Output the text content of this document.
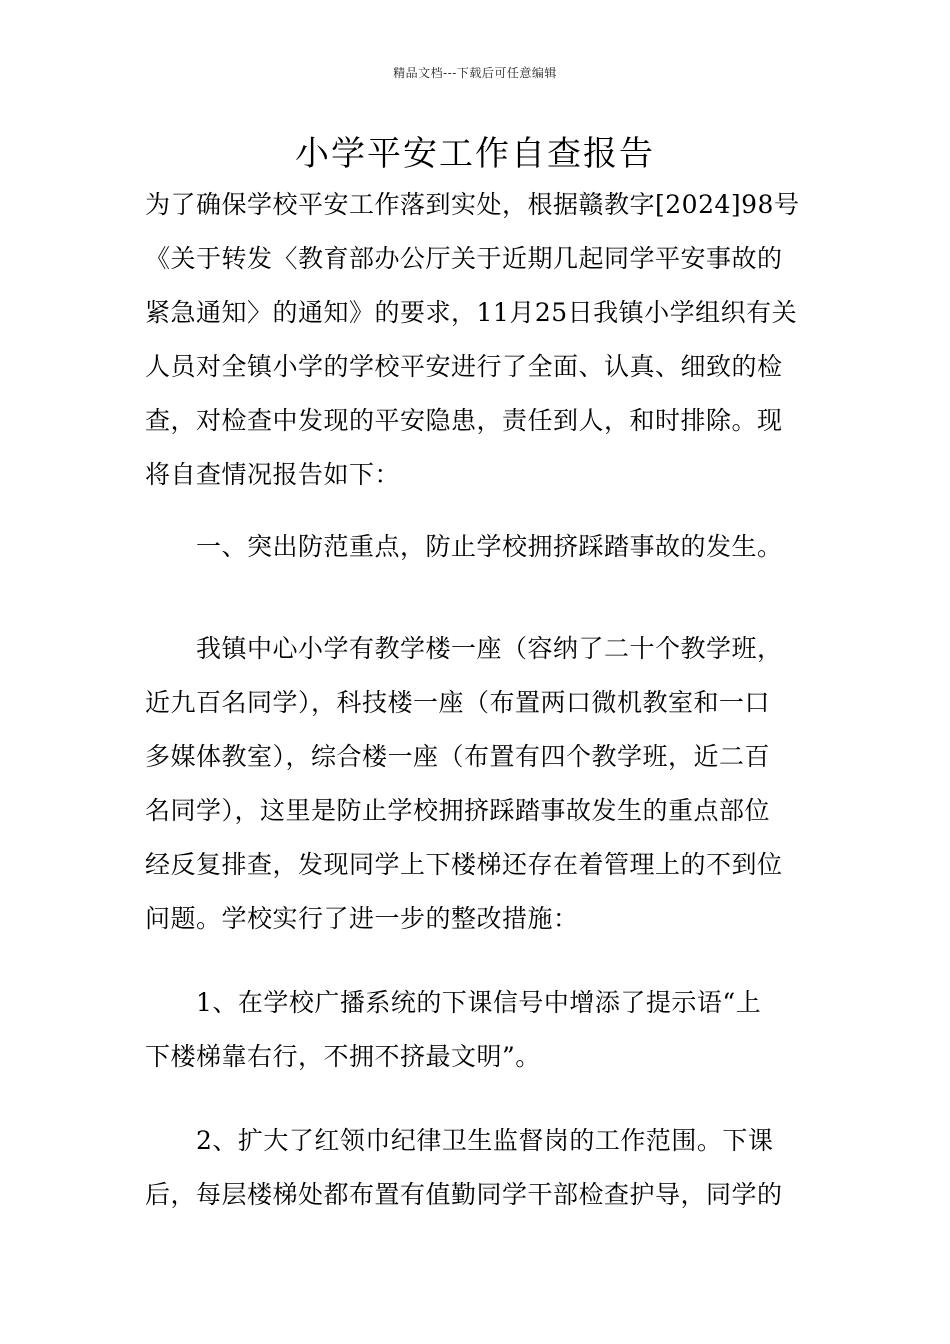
精品文档---下载后可任意编辑
小学平安工作自查报告
为了确保学校平安工作落到实处，根据赣教字[2024]98号
《关于转发〈教育部办公厅关于近期几起同学平安事故的
紧急通知〉的通知》的要求，11月25日我镇小学组织有关
人员对全镇小学的学校平安进行了全面、认真、细致的检
查，对检查中发现的平安隐患，责任到人，和时排除。现
将自查情况报告如下：
　　一、突出防范重点，防止学校拥挤踩踏事故的发生。
　　我镇中心小学有教学楼一座（容纳了二十个教学班，
近九百名同学），科技楼一座（布置两口微机教室和一口
多媒体教室），综合楼一座（布置有四个教学班，近二百
名同学），这里是防止学校拥挤踩踏事故发生的重点部位
经反复排查，发现同学上下楼梯还存在着管理上的不到位
问题。学校实行了进一步的整改措施：
　　1、在学校广播系统的下课信号中增添了提示语“上
下楼梯靠右行，不拥不挤最文明”。
　　2、扩大了红领巾纪律卫生监督岗的工作范围。下课
后，每层楼梯处都布置有值勤同学干部检查护导，同学的
